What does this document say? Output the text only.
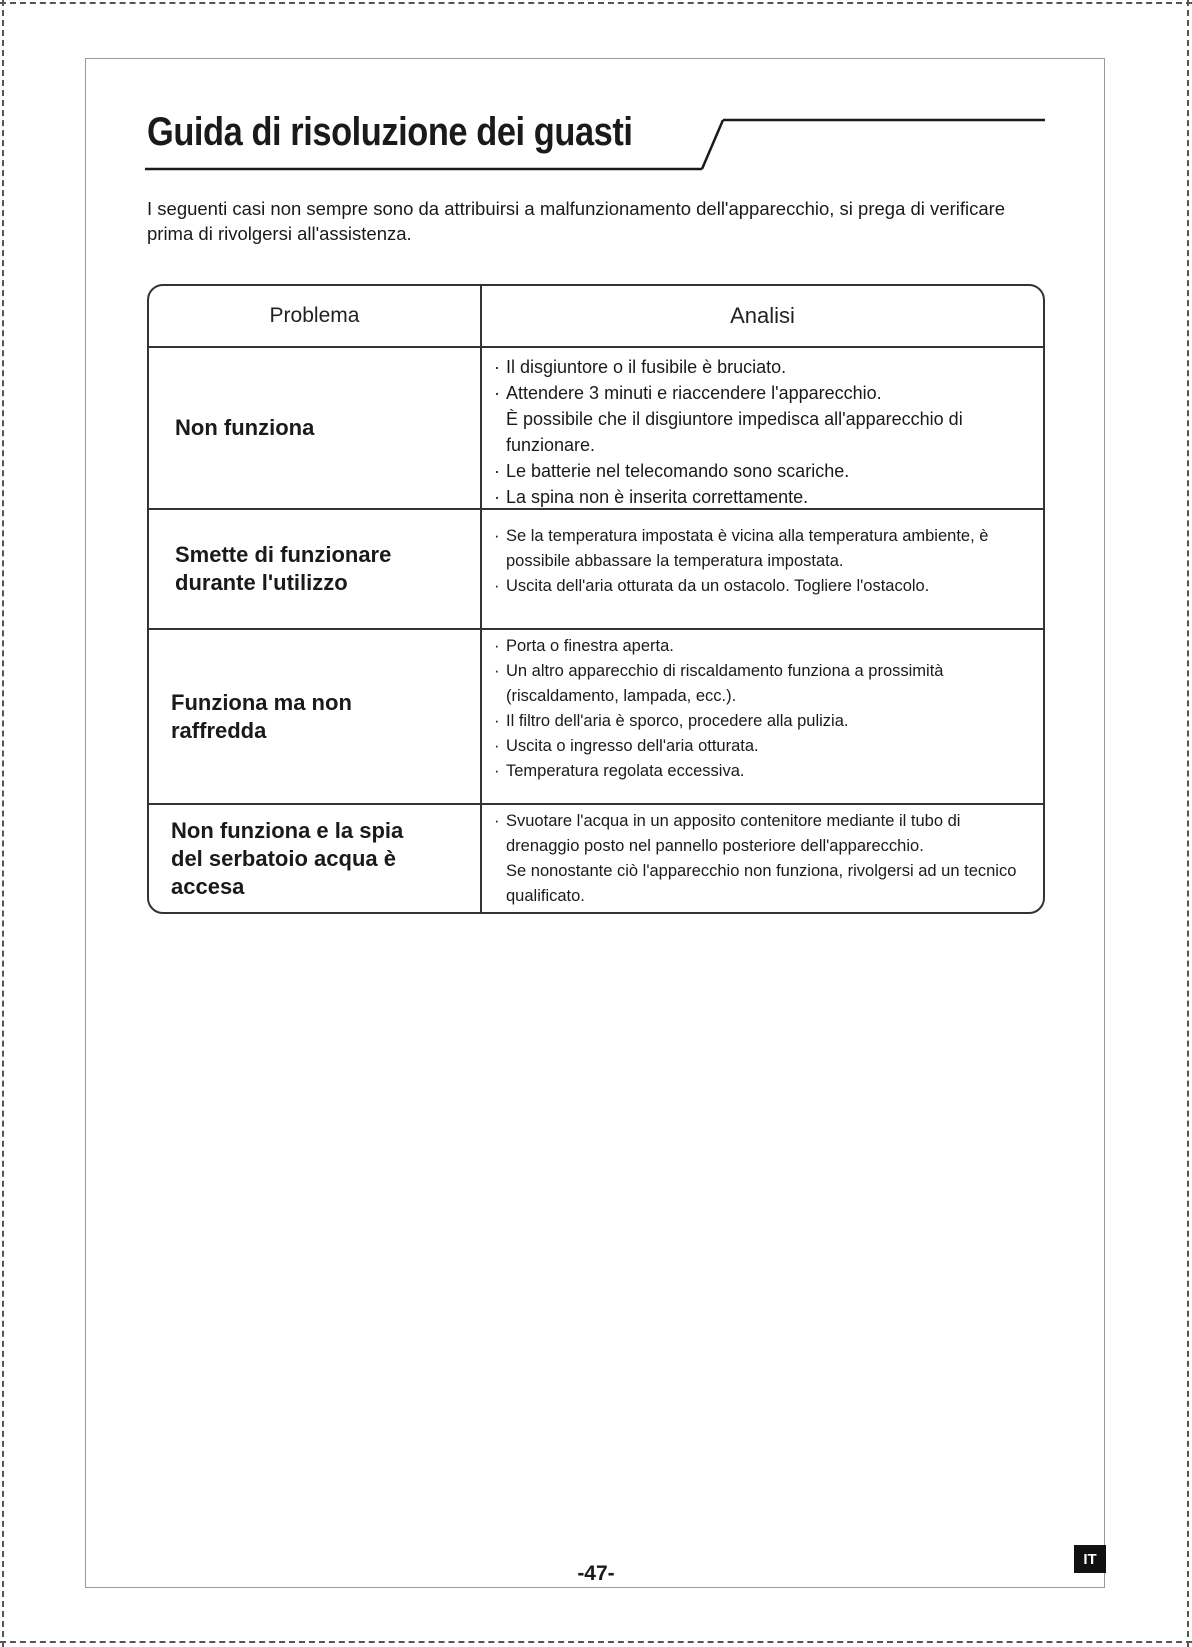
Guida di risoluzione dei guasti

I seguenti casi non sempre sono da attribuirsi a malfunzionamento dell'apparecchio, si prega di verificare prima di rivolgersi all'assistenza.

Problema	Analisi
Non funziona
· Il disgiuntore o il fusibile è bruciato.
· Attendere 3 minuti e riaccendere l'apparecchio.
È possibile che il disgiuntore impedisca all'apparecchio di funzionare.
· Le batterie nel telecomando sono scariche.
· La spina non è inserita correttamente.
Smette di funzionare
durante l'utilizzo
· Se la temperatura impostata è vicina alla temperatura ambiente, è possibile abbassare la temperatura impostata.
· Uscita dell'aria otturata da un ostacolo. Togliere l'ostacolo.
Funziona ma non
raffredda
· Porta o finestra aperta.
· Un altro apparecchio di riscaldamento funziona a prossimità (riscaldamento, lampada, ecc.).
· Il filtro dell'aria è sporco, procedere alla pulizia.
· Uscita o ingresso dell'aria otturata.
· Temperatura regolata eccessiva.
Non funziona e la spia
del serbatoio acqua è
accesa
· Svuotare l'acqua in un apposito contenitore mediante il tubo di drenaggio posto nel pannello posteriore dell'apparecchio.
Se nonostante ciò l'apparecchio non funziona, rivolgersi ad un tecnico qualificato.
-47-
IT
